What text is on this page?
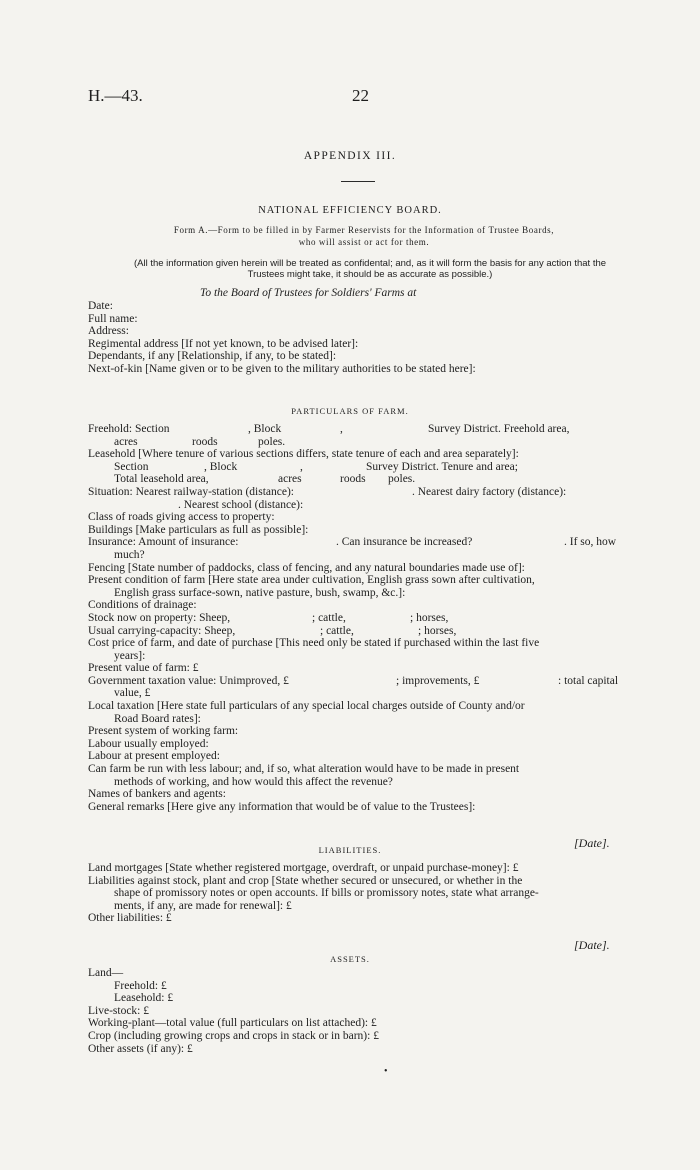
H.—43.	22
APPENDIX III.
NATIONAL EFFICIENCY BOARD.
Form A.—Form to be filled in by Farmer Reservists for the Information of Trustee Boards,
who will assist or act for them.
(All the information given herein will be treated as confidental; and, as it will form the basis for any action that the
Trustees might take, it should be as accurate as possible.)
To the Board of Trustees for Soldiers' Farms at
Date:
Full name:
Address:
Regimental address [If not yet known, to be advised later]:
Dependants, if any [Relationship, if any, to be stated]:
Next-of-kin [Name given or to be given to the military authorities to be stated here]:
PARTICULARS OF FARM.
Freehold: Section	, Block	,	Survey District. Freehold area,
acres	roods	poles.
Leasehold [Where tenure of various sections differs, state tenure of each and area separately]:
Section	, Block	,	Survey District. Tenure and area;
Total leasehold area,	acres	roods poles.
Situation: Nearest railway-station (distance):	. Nearest dairy factory (distance):
. Nearest school (distance):
Class of roads giving access to property:
Buildings [Make particulars as full as possible]:
Insurance: Amount of insurance:	. Can insurance be increased?	. If so, how
much?
Fencing [State number of paddocks, class of fencing, and any natural boundaries made use of]:
Present condition of farm [Here state area under cultivation, English grass sown after cultivation,
English grass surface-sown, native pasture, bush, swamp, &c.]:
Conditions of drainage:
Stock now on property: Sheep,	; cattle,	; horses,
Usual carrying-capacity: Sheep,	; cattle,	; horses,
Cost price of farm, and date of purchase [This need only be stated if purchased within the last five
years]:
Present value of farm: £
Government taxation value: Unimproved, £	; improvements, £	: total capital
value, £
Local taxation [Here state full particulars of any special local charges outside of County and/or
Road Board rates]:
Present system of working farm:
Labour usually employed:
Labour at present employed:
Can farm be run with less labour; and, if so, what alteration would have to be made in present
methods of working, and how would this affect the revenue?
Names of bankers and agents:
General remarks [Here give any information that would be of value to the Trustees]:
[Date].
LIABILITIES.
Land mortgages [State whether registered mortgage, overdraft, or unpaid purchase-money]: £
Liabilities against stock, plant and crop [State whether secured or unsecured, or whether in the
shape of promissory notes or open accounts. If bills or promissory notes, state what arrange-
ments, if any, are made for renewal]: £
Other liabilities: £
[Date].
ASSETS.
Land—
Freehold: £
Leasehold: £
Live-stock: £
Working-plant—total value (full particulars on list attached): £
Crop (including growing crops and crops in stack or in barn): £
Other assets (if any): £
•
